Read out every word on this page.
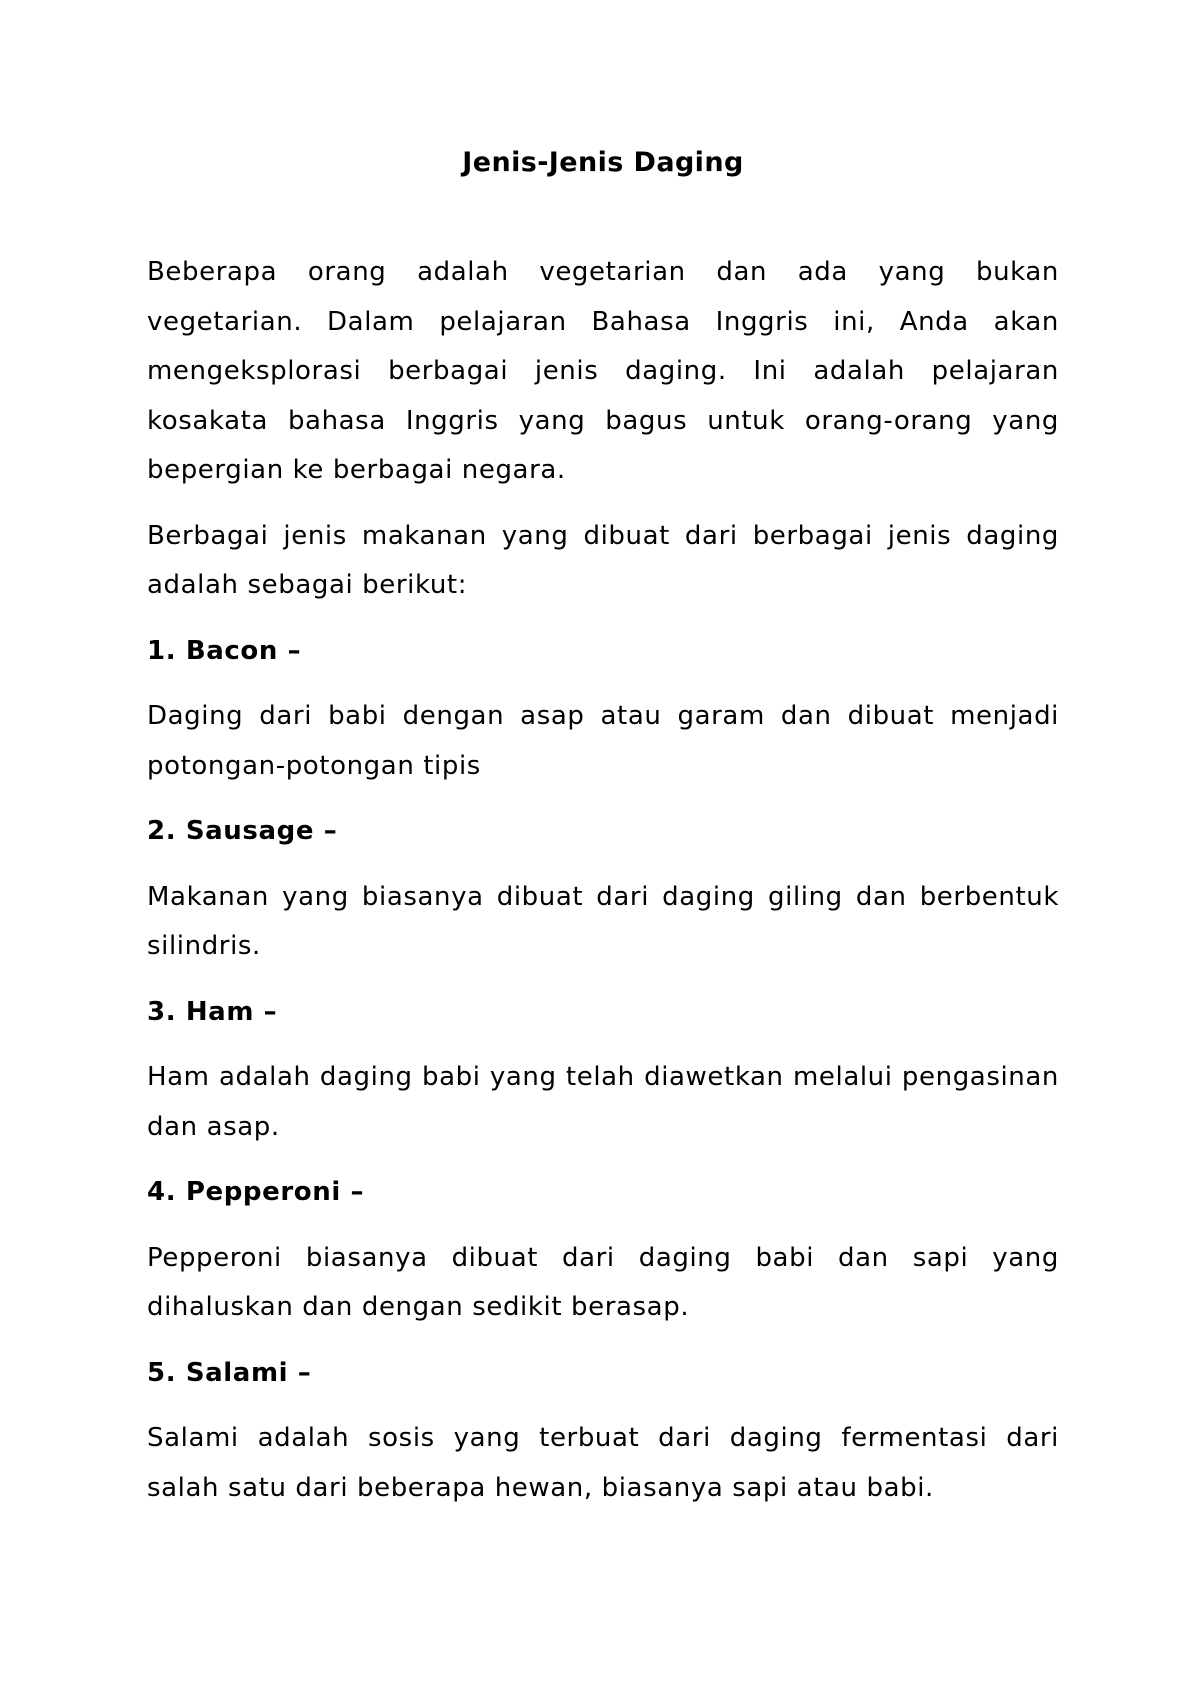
Jenis-Jenis Daging

Beberapa orang adalah vegetarian dan ada yang bukan vegetarian. Dalam pelajaran Bahasa Inggris ini, Anda akan mengeksplorasi berbagai jenis daging. Ini adalah pelajaran kosakata bahasa Inggris yang bagus untuk orang-orang yang bepergian ke berbagai negara.

Berbagai jenis makanan yang dibuat dari berbagai jenis daging adalah sebagai berikut:

1. Bacon –

Daging dari babi dengan asap atau garam dan dibuat menjadi potongan-potongan tipis

2. Sausage –

Makanan yang biasanya dibuat dari daging giling dan berbentuk silindris.

3. Ham –

Ham adalah daging babi yang telah diawetkan melalui pengasinan dan asap.

4. Pepperoni –

Pepperoni biasanya dibuat dari daging babi dan sapi yang dihaluskan dan dengan sedikit berasap.

5. Salami –

Salami adalah sosis yang terbuat dari daging fermentasi dari salah satu dari beberapa hewan, biasanya sapi atau babi.
